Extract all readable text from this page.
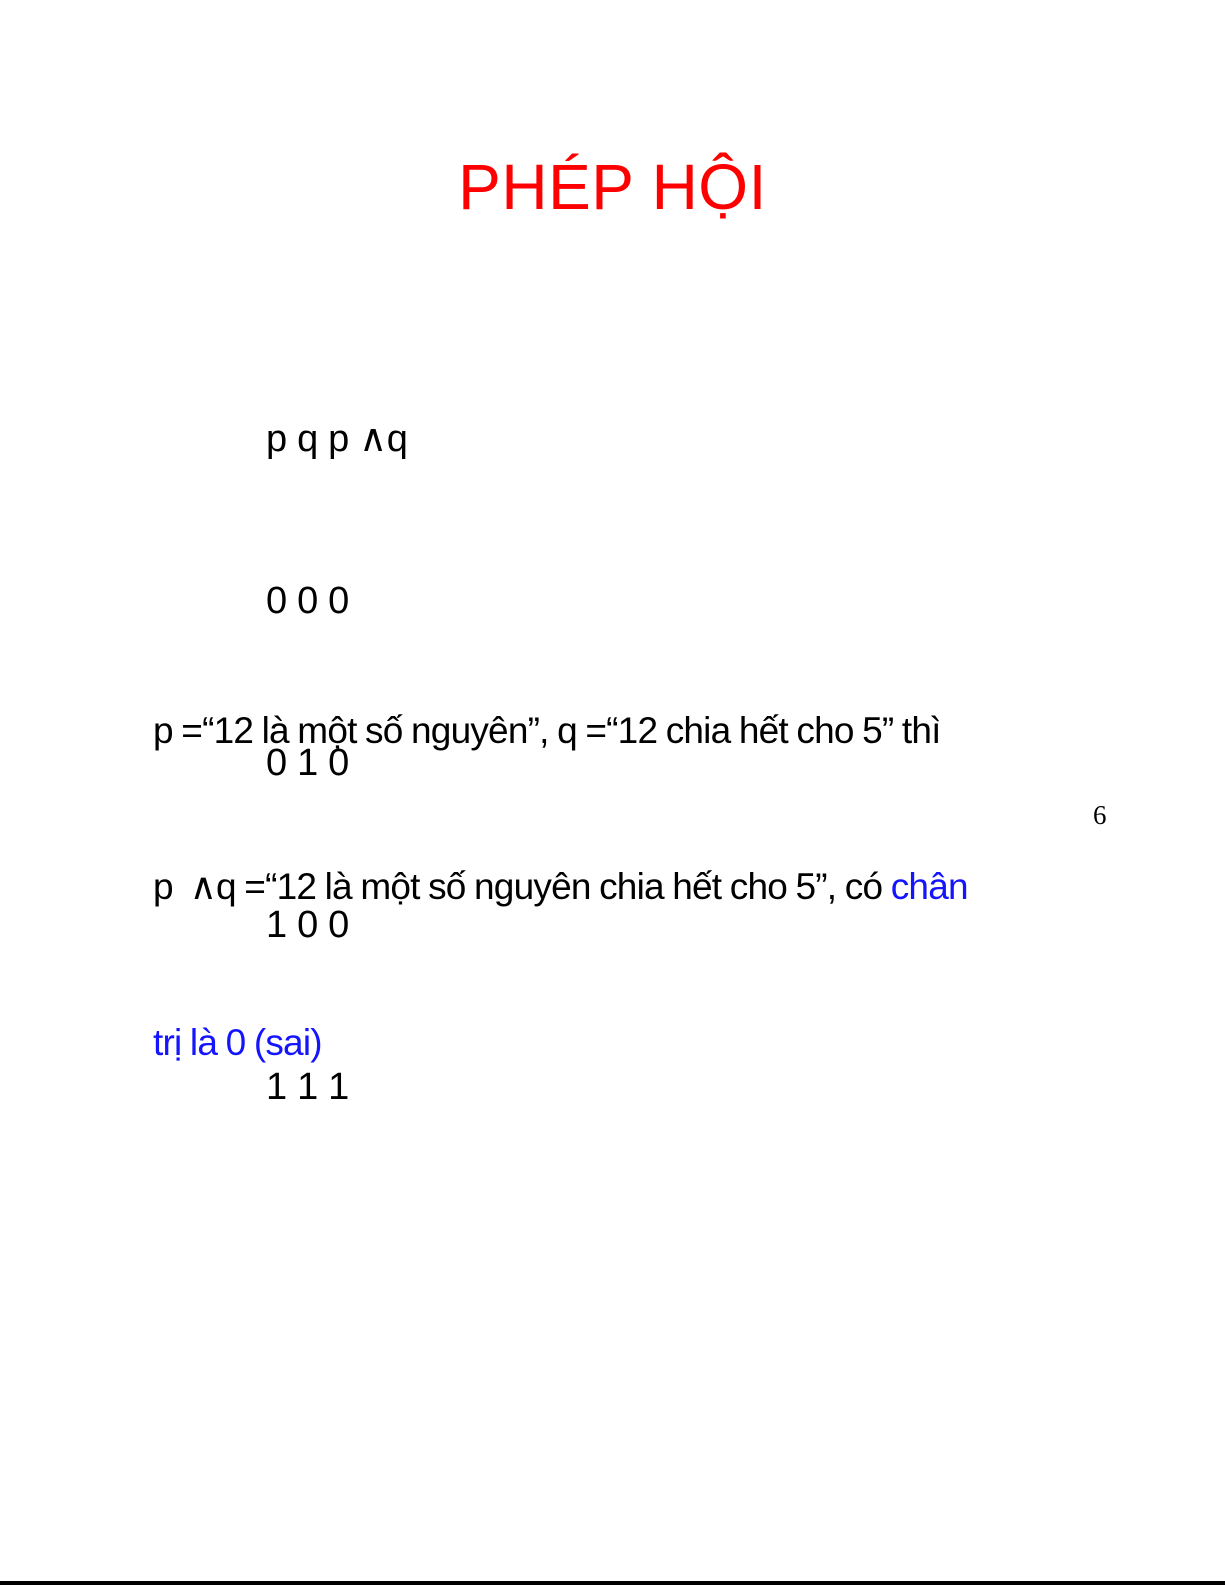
PHÉP HỘI

p q p ∧q

0 0 0

0 1 0

1 0 0

1 1 1

p =“12 là một số nguyên”, q =“12 chia hết cho 5” thì

p  ∧q =“12 là một số nguyên chia hết cho 5”, có chân

trị là 0 (sai)

6
